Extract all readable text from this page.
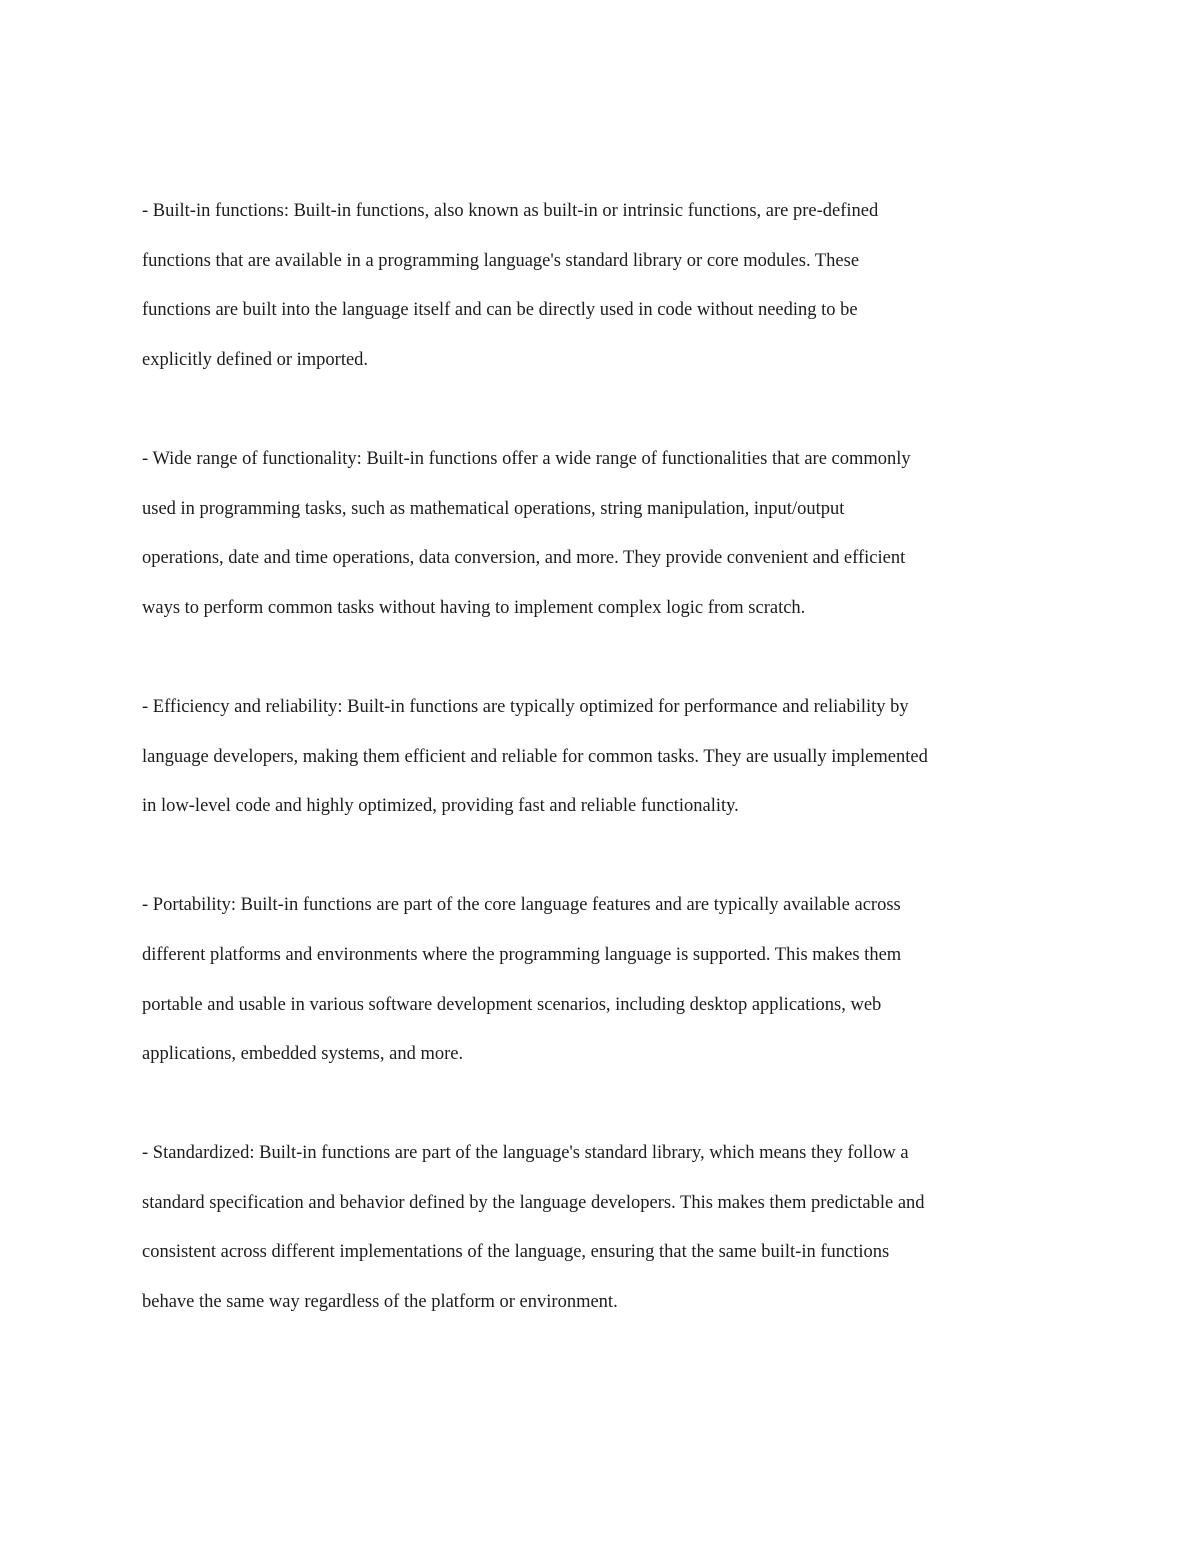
- Built-in functions: Built-in functions, also known as built-in or intrinsic functions, are pre-defined
functions that are available in a programming language's standard library or core modules. These
functions are built into the language itself and can be directly used in code without needing to be
explicitly defined or imported.
- Wide range of functionality: Built-in functions offer a wide range of functionalities that are commonly
used in programming tasks, such as mathematical operations, string manipulation, input/output
operations, date and time operations, data conversion, and more. They provide convenient and efficient
ways to perform common tasks without having to implement complex logic from scratch.
- Efficiency and reliability: Built-in functions are typically optimized for performance and reliability by
language developers, making them efficient and reliable for common tasks. They are usually implemented
in low-level code and highly optimized, providing fast and reliable functionality.
- Portability: Built-in functions are part of the core language features and are typically available across
different platforms and environments where the programming language is supported. This makes them
portable and usable in various software development scenarios, including desktop applications, web
applications, embedded systems, and more.
- Standardized: Built-in functions are part of the language's standard library, which means they follow a
standard specification and behavior defined by the language developers. This makes them predictable and
consistent across different implementations of the language, ensuring that the same built-in functions
behave the same way regardless of the platform or environment.
